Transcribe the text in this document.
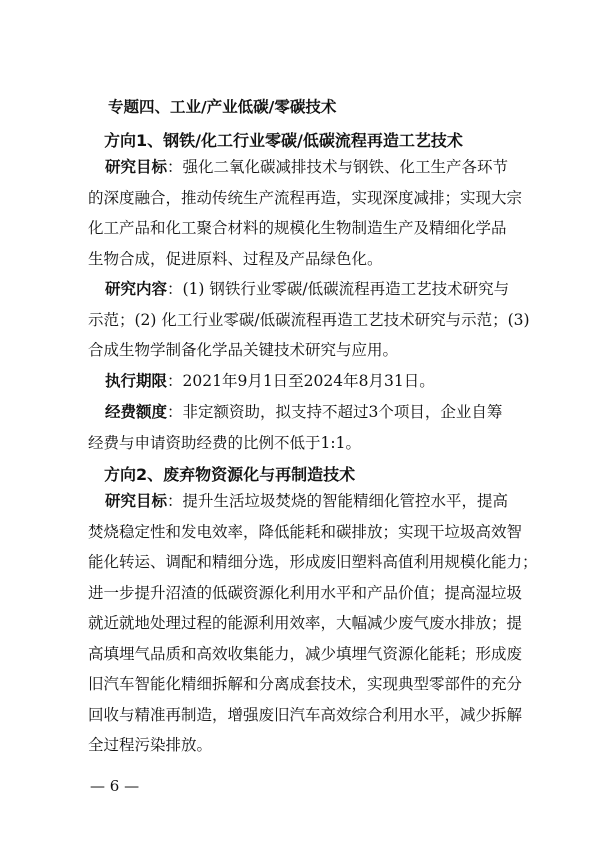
专题四、工业/产业低碳/零碳技术
方向1、钢铁/化工行业零碳/低碳流程再造工艺技术
研究目标：强化二氧化碳减排技术与钢铁、化工生产各环节
的深度融合，推动传统生产流程再造，实现深度减排；实现大宗
化工产品和化工聚合材料的规模化生物制造生产及精细化学品
生物合成，促进原料、过程及产品绿色化。
研究内容：(1) 钢铁行业零碳/低碳流程再造工艺技术研究与
示范；(2) 化工行业零碳/低碳流程再造工艺技术研究与示范；(3)
合成生物学制备化学品关键技术研究与应用。
执行期限：2021年9月1日至2024年8月31日。
经费额度：非定额资助，拟支持不超过3个项目，企业自筹
经费与申请资助经费的比例不低于1:1。
方向2、废弃物资源化与再制造技术
研究目标：提升生活垃圾焚烧的智能精细化管控水平，提高
焚烧稳定性和发电效率，降低能耗和碳排放；实现干垃圾高效智
能化转运、调配和精细分选，形成废旧塑料高值利用规模化能力；
进一步提升沼渣的低碳资源化利用水平和产品价值；提高湿垃圾
就近就地处理过程的能源利用效率，大幅减少废气废水排放；提
高填埋气品质和高效收集能力，减少填埋气资源化能耗；形成废
旧汽车智能化精细拆解和分离成套技术，实现典型零部件的充分
回收与精准再制造，增强废旧汽车高效综合利用水平，减少拆解
全过程污染排放。
— 6 —
